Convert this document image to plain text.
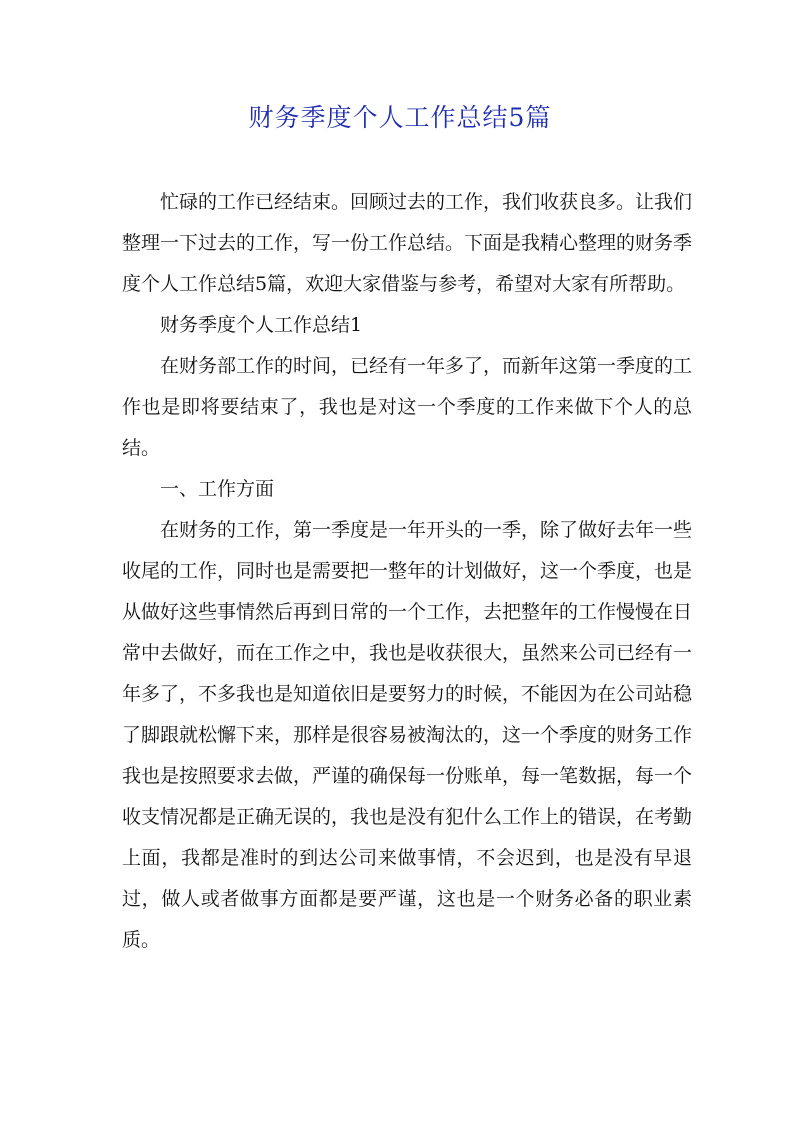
财务季度个人工作总结5篇

忙碌的工作已经结束。回顾过去的工作，我们收获良多。让我们整理一下过去的工作，写一份工作总结。下面是我精心整理的财务季度个人工作总结5篇，欢迎大家借鉴与参考，希望对大家有所帮助。

财务季度个人工作总结1

在财务部工作的时间，已经有一年多了，而新年这第一季度的工作也是即将要结束了，我也是对这一个季度的工作来做下个人的总结。

一、工作方面

在财务的工作，第一季度是一年开头的一季，除了做好去年一些收尾的工作，同时也是需要把一整年的计划做好，这一个季度，也是从做好这些事情然后再到日常的一个工作，去把整年的工作慢慢在日常中去做好，而在工作之中，我也是收获很大，虽然来公司已经有一年多了，不多我也是知道依旧是要努力的时候，不能因为在公司站稳了脚跟就松懈下来，那样是很容易被淘汰的，这一个季度的财务工作我也是按照要求去做，严谨的确保每一份账单，每一笔数据，每一个收支情况都是正确无误的，我也是没有犯什么工作上的错误，在考勤上面，我都是准时的到达公司来做事情，不会迟到，也是没有早退过，做人或者做事方面都是要严谨，这也是一个财务必备的职业素质。
